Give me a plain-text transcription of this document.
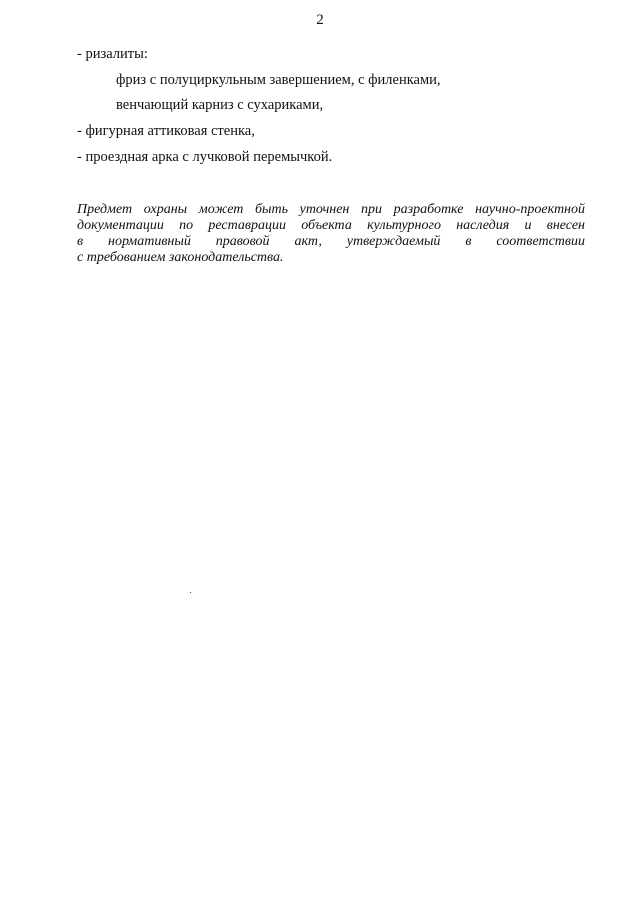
2
- ризалиты:
фриз с полуциркульным завершением, с филенками,
венчающий карниз с сухариками,
- фигурная аттиковая стенка,
- проездная арка с лучковой перемычкой.
Предмет охраны может быть уточнен при разработке научно-проектной
документации по реставрации объекта культурного наследия и внесен
в нормативный правовой акт, утверждаемый в соответствии
с требованием законодательства.
